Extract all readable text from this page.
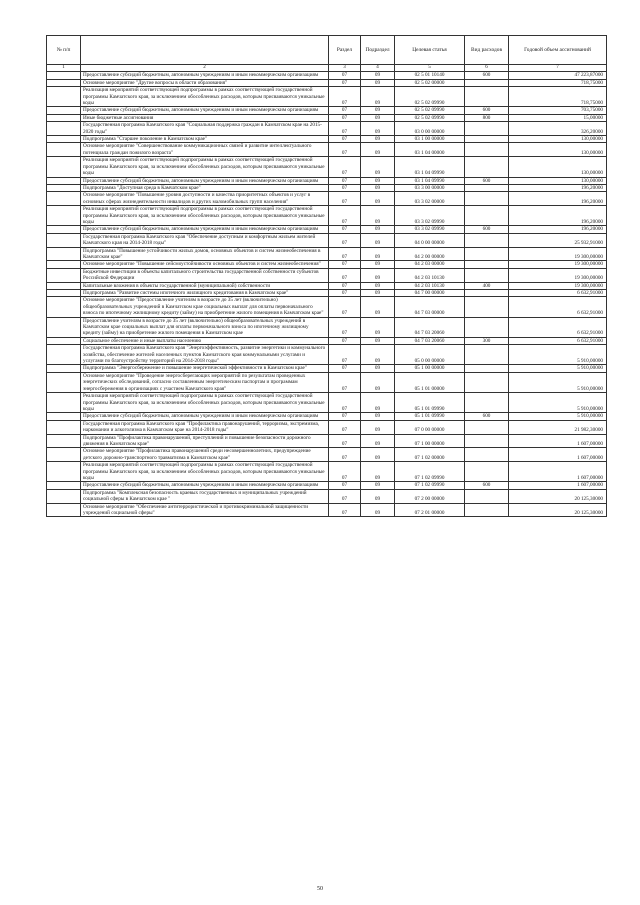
№ п/п		Раздел	Подраздел	Целевая статья	Вид расходов	Годовой объем ассигнований
1	2	3	4	5	6	7
	Предоставление субсидий бюджетным, автономным учреждениям и иным некоммерческим организациям	07	09	02 5 01 10140	600	47 223,87000
	Основное мероприятие "Другие вопросы в области образования"	07	09	02 5 02 00000		718,75000
	Реализация мероприятий соответствующей подпрограммы в рамках соответствующей государственной программы Камчатского края, за исключением обособленных расходов, которым присваиваются уникальные коды	07	09	02 5 02 09990		718,75000
	Предоставление субсидий бюджетным, автономным учреждениям и иным некоммерческим организациям	07	09	02 5 02 09990	600	703,75000
	Иные бюджетные ассигнования	07	09	02 5 02 09990	800	15,00000
	Государственная программа Камчатского края "Социальная поддержка граждан в Камчатском крае на 2015-2020 годы"	07	09	03 0 00 00000		326,20000
	Подпрограмма "Старшее поколение в Камчатском крае"	07	09	03 1 00 00000		130,00000
	Основное мероприятие "Совершенствование коммуникационных связей и развитие интеллектуального потенциала граждан пожилого возраста"	07	09	03 1 04 00000		130,00000
	Реализация мероприятий соответствующей подпрограммы в рамках соответствующей государственной программы Камчатского края, за исключением обособленных расходов, которым присваиваются уникальные коды	07	09	03 1 04 09990		130,00000
	Предоставление субсидий бюджетным, автономным учреждениям и иным некоммерческим организациям	07	09	03 1 04 09990	600	130,00000
	Подпрограмма "Доступная среда в Камчатском крае"	07	09	03 3 00 00000		196,20000
	Основное мероприятие "Повышение уровня доступности и качества приоритетных объектов и услуг в основных сферах жизнедеятельности инвалидов и других маломобильных групп населения"	07	09	03 3 02 00000		196,20000
	Реализация мероприятий соответствующей подпрограммы в рамках соответствующей государственной программы Камчатского края, за исключением обособленных расходов, которым присваиваются уникальные коды	07	09	03 3 02 09990		196,20000
	Предоставление субсидий бюджетным, автономным учреждениям и иным некоммерческим организациям	07	09	03 3 02 09990	600	196,20000
	Государственная программа Камчатского края "Обеспечение доступным и комфортным жильем жителей Камчатского края на 2014-2018 годы"	07	09	04 0 00 00000		25 932,91000
	Подпрограмма "Повышение устойчивости жилых домов, основных объектов и систем жизнеобеспечения в Камчатском крае"	07	09	04 2 00 00000		19 300,00000
	Основное мероприятие "Повышение сейсмоустойчивости основных объектов и систем жизнеобеспечения"	07	09	04 2 03 00000		19 300,00000
	Бюджетные инвестиции в объекты капитального строительства государственной собственности субъектов Российской Федерации	07	09	04 2 03 10130		19 300,00000
	Капитальные вложения в объекты государственной (муниципальной) собственности	07	09	04 2 03 10130	400	19 300,00000
	Подпрограмма "Развитие системы ипотечного жилищного кредитования в Камчатском крае"	07	09	04 7 00 00000		6 632,91000
	Основное мероприятие "Предоставление учителям в возрасте до 35 лет (включительно) общеобразовательных учреждений в Камчатском крае социальных выплат для оплаты первоначального взноса по ипотечному жилищному кредиту (займу) на приобретение жилого помещения в Камчатском крае"	07	09	04 7 03 00000		6 632,91000
	Предоставление учителям в возрасте до 35 лет (включительно) общеобразовательных учреждений в Камчатском крае социальных выплат для оплаты первоначального взноса по ипотечному жилищному кредиту (займу) на приобретение жилого помещения в Камчатском крае	07	09	04 7 03 20060		6 632,91000
	Социальное обеспечение и иные выплаты населению	07	09	04 7 03 20060	300	6 632,91000
	Государственная программа Камчатского края "Энергоэффективность, развитие энергетики и коммунального хозяйства, обеспечение жителей населенных пунктов Камчатского края коммунальными услугами и услугами по благоустройству территорий на 2014-2018 годы"	07	09	05 0 00 00000		5 910,00000
	Подпрограмма "Энергосбережение и повышение энергетической эффективности в Камчатском крае"	07	09	05 1 00 00000		5 910,00000
	Основное мероприятие "Проведение энергосберегающих мероприятий по результатам проведенных энергетических обследований, согласно составленным энергетическим паспортам и программам энергосбережения в организациях с участием Камчатского края"	07	09	05 1 01 00000		5 910,00000
	Реализация мероприятий соответствующей подпрограммы в рамках соответствующей государственной программы Камчатского края, за исключением обособленных расходов, которым присваиваются уникальные коды	07	09	05 1 01 09990		5 910,00000
	Предоставление субсидий бюджетным, автономным учреждениям и иным некоммерческим организациям	07	09	05 1 01 09990	600	5 910,00000
	Государственная программа Камчатского края "Профилактика правонарушений, терроризма, экстремизма, наркомании и алкоголизма в Камчатском крае на 2014-2018 годы"	07	09	07 0 00 00000		21 982,30000
	Подпрограмма "Профилактика правонарушений, преступлений и повышение безопасности дорожного движения в Камчатском крае"	07	09	07 1 00 00000		1 607,00000
	Основное мероприятие "Профилактика правонарушений среди несовершеннолетних, предупреждение детского дорожно-транспортного травматизма в Камчатском крае"	07	09	07 1 02 00000		1 607,00000
	Реализация мероприятий соответствующей подпрограммы в рамках соответствующей государственной программы Камчатского края, за исключением обособленных расходов, которым присваиваются уникальные коды	07	09	07 1 02 09990		1 607,00000
	Предоставление субсидий бюджетным, автономным учреждениям и иным некоммерческим организациям	07	09	07 1 02 09990	600	1 607,00000
	Подпрограмма "Комплексная безопасность краевых государственных и муниципальных учреждений социальной сферы в Камчатском крае "	07	09	07 2 00 00000		20 125,30000
	Основное мероприятие "Обеспечение антитеррористической и противокриминальной защищенности учреждений социальной сферы"	07	09	07 2 01 00000		20 125,30000
50
